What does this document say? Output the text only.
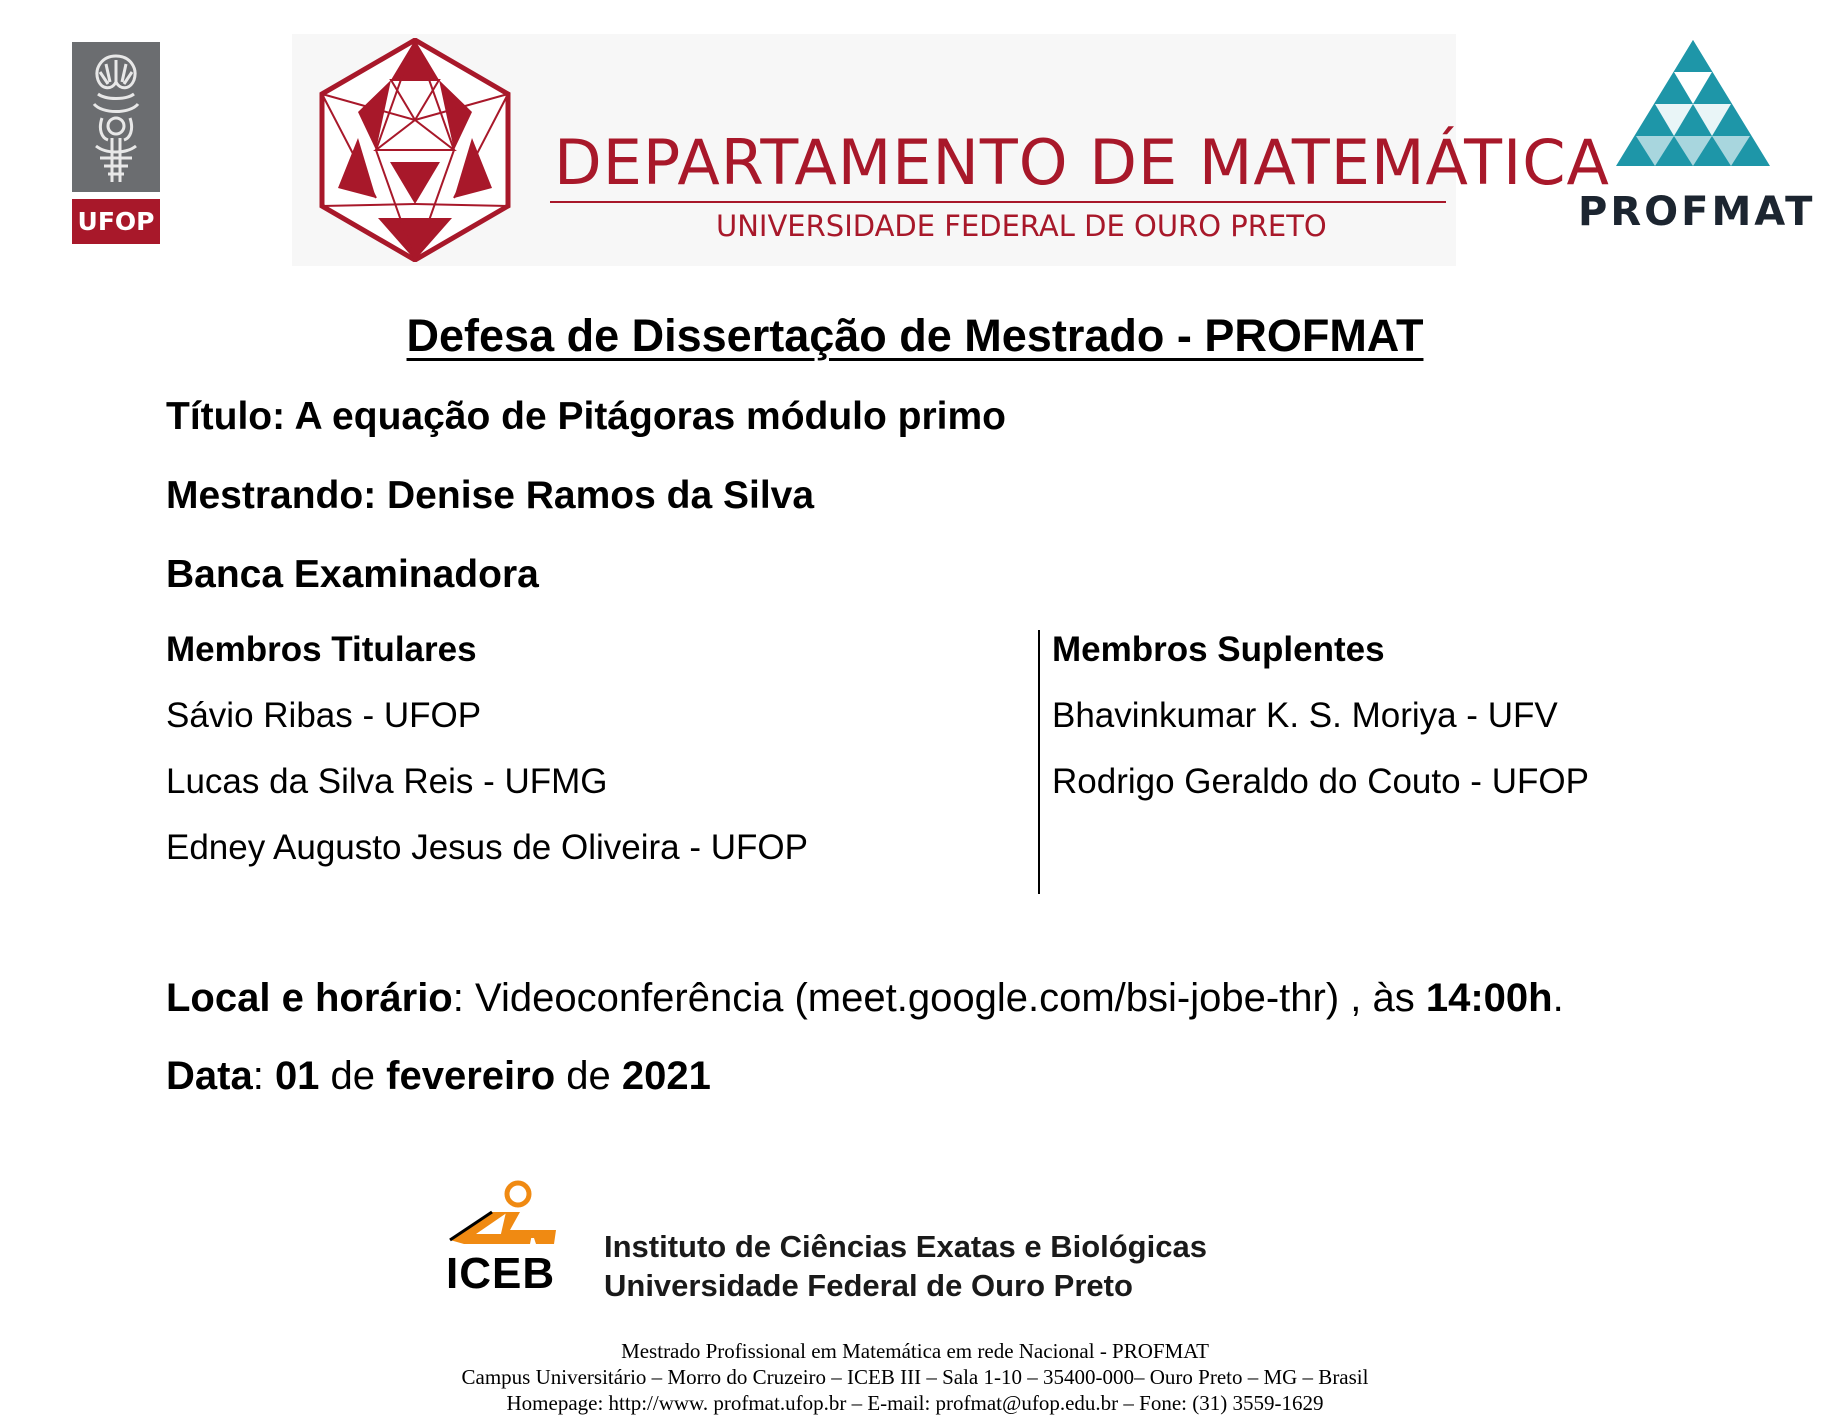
UFOP
DEPARTAMENTO DE MATEMÁTICA
UNIVERSIDADE FEDERAL DE OURO PRETO	PROFMAT
Defesa de Dissertação de Mestrado - PROFMAT
Título: A equação de Pitágoras módulo primo
Mestrando: Denise Ramos da Silva
Banca Examinadora
Membros Titulares	Membros Suplentes
Sávio Ribas - UFOP
Lucas da Silva Reis - UFMG
Edney Augusto Jesus de Oliveira - UFOP
Bhavinkumar K. S. Moriya - UFV
Rodrigo Geraldo do Couto - UFOP
Local e horário: Videoconferência (meet.google.com/bsi-jobe-thr) , às 14:00h.
Data: 01 de fevereiro de 2021
ICEB
Instituto de Ciências Exatas e Biológicas
Universidade Federal de Ouro Preto
Mestrado Profissional em Matemática em rede Nacional - PROFMAT
Campus Universitário – Morro do Cruzeiro – ICEB III – Sala 1-10 – 35400-000– Ouro Preto – MG – Brasil
Homepage: http://www. profmat.ufop.br – E-mail: profmat@ufop.edu.br – Fone: (31) 3559-1629
